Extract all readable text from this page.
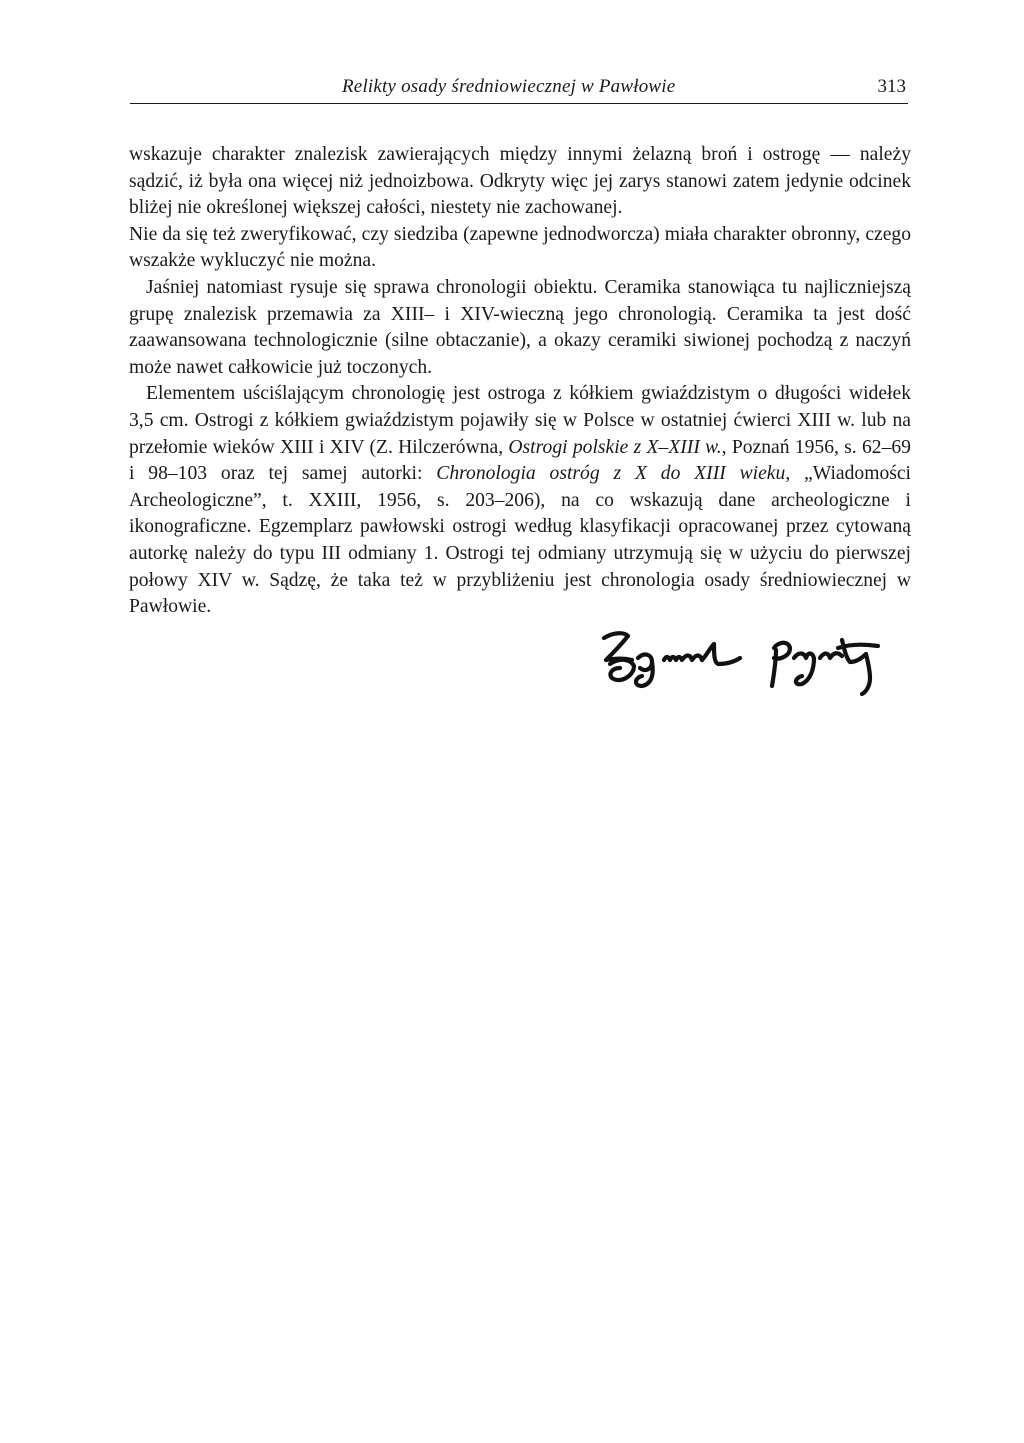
Relikty osady średniowiecznej w Pawłowie	313

wskazuje charakter znalezisk zawierających między innymi żelazną broń i ostrogę — należy sądzić, iż była ona więcej niż jednoizbowa. Odkryty więc jej zarys stanowi zatem jedynie odcinek bliżej nie określonej większej całości, niestety nie zachowanej.

Nie da się też zweryfikować, czy siedziba (zapewne jednodworcza) miała charakter obronny, czego wszakże wykluczyć nie można.

Jaśniej natomiast rysuje się sprawa chronologii obiektu. Ceramika stanowiąca tu najliczniejszą grupę znalezisk przemawia za XIII– i XIV-wieczną jego chronologią. Ceramika ta jest dość zaawansowana technologicznie (silne obtaczanie), a okazy ceramiki siwionej pochodzą z naczyń może nawet całkowicie już toczonych.

Elementem uściślającym chronologię jest ostroga z kółkiem gwiaździstym o długości widełek 3,5 cm. Ostrogi z kółkiem gwiaździstym pojawiły się w Polsce w ostatniej ćwierci XIII w. lub na przełomie wieków XIII i XIV (Z. Hilczerówna, Ostrogi polskie z X–XIII w., Poznań 1956, s. 62–69 i 98–103 oraz tej samej autorki: Chronologia ostróg z X do XIII wieku, „Wiadomości Archeologiczne”, t. XXIII, 1956, s. 203–206), na co wskazują dane archeologiczne i ikonograficzne. Egzemplarz pawłowski ostrogi według klasyfikacji opracowanej przez cytowaną autorkę należy do typu III odmiany 1. Ostrogi tej odmiany utrzymują się w użyciu do pierwszej połowy XIV w. Sądzę, że taka też w przybliżeniu jest chronologia osady średniowiecznej w Pawłowie.
